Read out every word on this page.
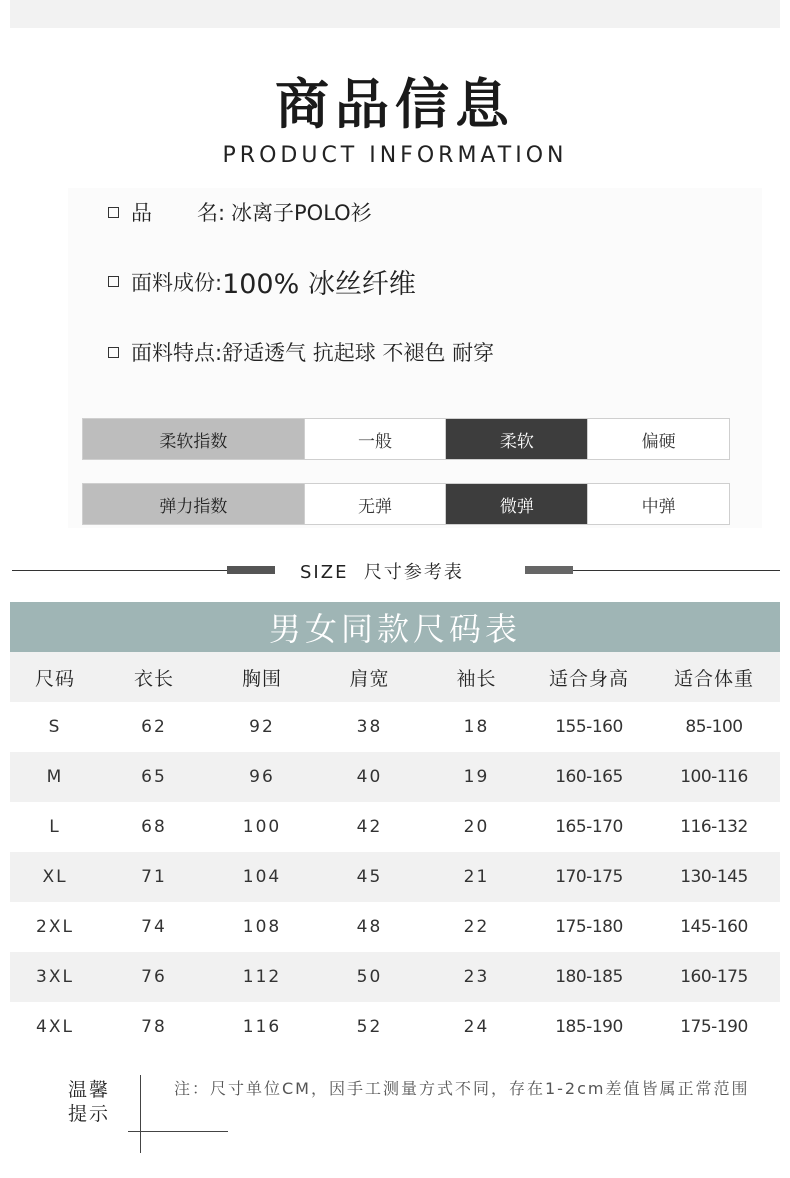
商品信息
PRODUCT INFORMATION
品 名: 冰离子POLO衫
面料成份: 100% 冰丝纤维
面料特点: 舒适透气 抗起球 不褪色 耐穿
柔软指数	一般	柔软	偏硬
弹力指数	无弹	微弹	中弹
SIZE  尺寸参考表
男女同款尺码表
尺码	衣长	胸围	肩宽	袖长	适合身高	适合体重
S	62	92	38	18	155-160	85-100
M	65	96	40	19	160-165	100-116
L	68	100	42	20	165-170	116-132
XL	71	104	45	21	170-175	130-145
2XL	74	108	48	22	175-180	145-160
3XL	76	112	50	23	180-185	160-175
4XL	78	116	52	24	185-190	175-190
温馨
提示
注：尺寸单位CM，因手工测量方式不同，存在1-2cm差值皆属正常范围
